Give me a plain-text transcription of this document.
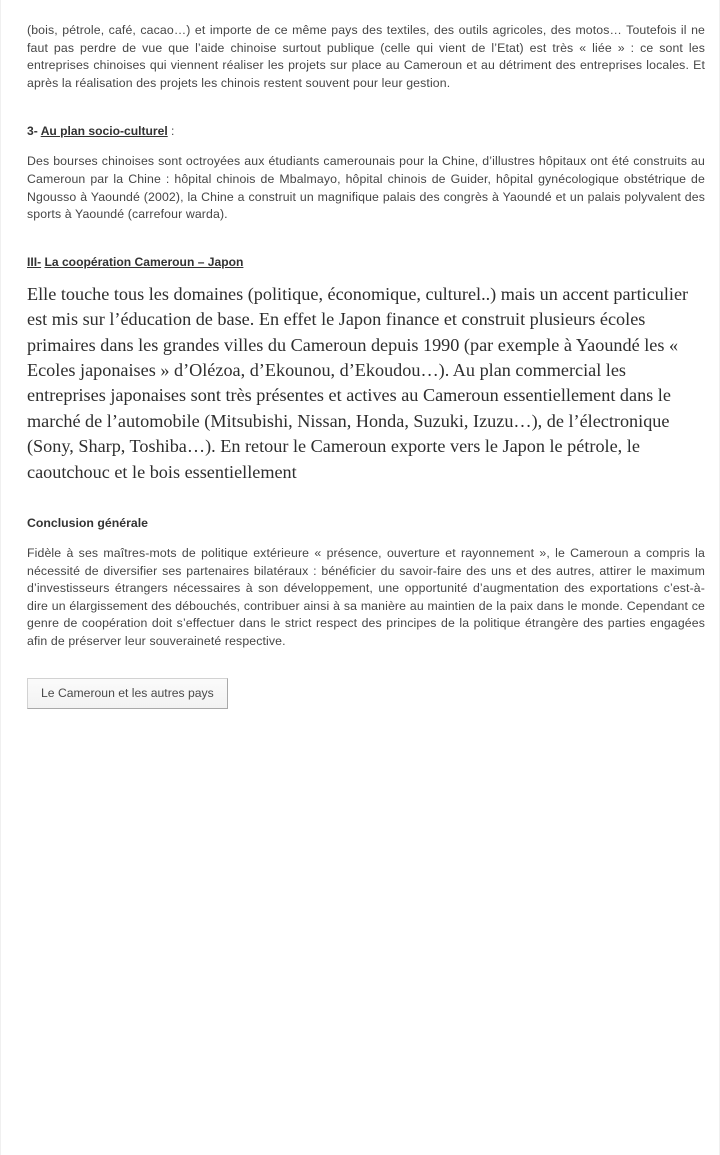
(bois, pétrole, café, cacao…) et importe de ce même pays des textiles, des outils agricoles, des motos… Toutefois il ne faut pas perdre de vue que l’aide chinoise surtout publique (celle qui vient de l’Etat) est très « liée » : ce sont les entreprises chinoises qui viennent réaliser les projets sur place au Cameroun et au détriment des entreprises locales. Et après la réalisation des projets les chinois restent souvent pour leur gestion.

3- Au plan socio-culturel :

Des bourses chinoises sont octroyées aux étudiants camerounais pour la Chine, d’illustres hôpitaux ont été construits au Cameroun par la Chine : hôpital chinois de Mbalmayo, hôpital chinois de Guider, hôpital gynécologique obstétrique de Ngousso à Yaoundé (2002), la Chine a construit un magnifique palais des congrès à Yaoundé et un palais polyvalent des sports à Yaoundé (carrefour warda).

III- La coopération Cameroun – Japon

Elle touche tous les domaines (politique, économique, culturel..) mais un accent particulier est mis sur l’éducation de base. En effet le Japon finance et construit plusieurs écoles primaires dans les grandes villes du Cameroun depuis 1990 (par exemple à Yaoundé les « Ecoles japonaises » d’Olézoa, d’Ekounou, d’Ekoudou…). Au plan commercial les entreprises japonaises sont très présentes et actives au Cameroun essentiellement dans le marché de l’automobile (Mitsubishi, Nissan, Honda, Suzuki, Izuzu…), de l’électronique (Sony, Sharp, Toshiba…). En retour le Cameroun exporte vers le Japon le pétrole, le caoutchouc et le bois essentiellement

Conclusion générale

Fidèle à ses maîtres-mots de politique extérieure « présence, ouverture et rayonnement », le Cameroun a compris la nécessité de diversifier ses partenaires bilatéraux : bénéficier du savoir-faire des uns et des autres, attirer le maximum d’investisseurs étrangers nécessaires à son développement, une opportunité d’augmentation des exportations c’est-à-dire un élargissement des débouchés, contribuer ainsi à sa manière au maintien de la paix dans le monde. Cependant ce genre de coopération doit s’effectuer dans le strict respect des principes de la politique étrangère des parties engagées afin de préserver leur souveraineté respective.

Le Cameroun et les autres pays
